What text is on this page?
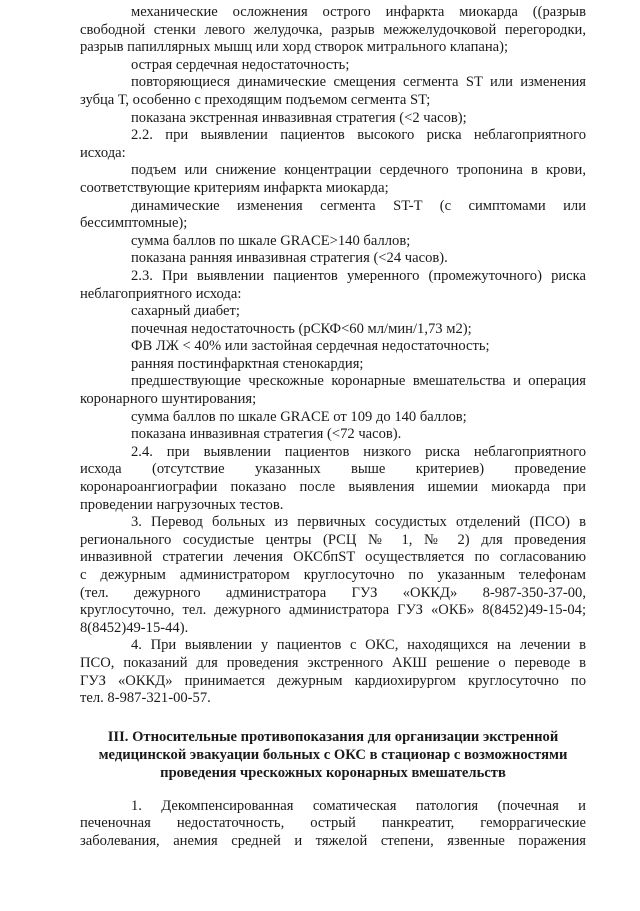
механические осложнения острого инфаркта миокарда ((разрыв
свободной стенки левого желудочка, разрыв межжелудочковой перегородки,
разрыв папиллярных мышц или хорд створок митрального клапана);
острая сердечная недостаточность;
повторяющиеся динамические смещения сегмента ST или изменения
зубца Т, особенно с преходящим подъемом сегмента ST;
показана экстренная инвазивная стратегия (<2 часов);
2.2. при выявлении пациентов высокого риска неблагоприятного
исхода:
подъем или снижение концентрации сердечного тропонина в крови,
соответствующие критериям инфаркта миокарда;
динамические изменения сегмента ST-T (с симптомами или
бессимптомные);
сумма баллов по шкале GRACE>140 баллов;
показана ранняя инвазивная стратегия (<24 часов).
2.3. При выявлении пациентов умеренного (промежуточного) риска
неблагоприятного исхода:
сахарный диабет;
почечная недостаточность (рСКФ<60 мл/мин/1,73 м2);
ФВ ЛЖ < 40% или застойная сердечная недостаточность;
ранняя постинфарктная стенокардия;
предшествующие чрескожные коронарные вмешательства и операция
коронарного шунтирования;
сумма баллов по шкале GRACE от 109 до 140 баллов;
показана инвазивная стратегия (<72 часов).
2.4. при выявлении пациентов низкого риска неблагоприятного
исхода (отсутствие указанных выше критериев) проведение
коронароангиографии показано после выявления ишемии миокарда при
проведении нагрузочных тестов.
3. Перевод больных из первичных сосудистых отделений (ПСО) в
регионального сосудистые центры (РСЦ № 1, № 2) для проведения
инвазивной стратегии лечения ОКСбпST осуществляется по согласованию
с дежурным администратором круглосуточно по указанным телефонам
(тел. дежурного администратора ГУЗ «ОККД» 8-987-350-37-00,
круглосуточно, тел. дежурного администратора ГУЗ «ОКБ» 8(8452)49-15-04;
8(8452)49-15-44).
4. При выявлении у пациентов с ОКС, находящихся на лечении в
ПСО, показаний для проведения экстренного АКШ решение о переводе в
ГУЗ «ОККД» принимается дежурным кардиохирургом круглосуточно по
тел. 8-987-321-00-57.
III. Относительные противопоказания для организации экстренной
медицинской эвакуации больных с ОКС в стационар с возможностями
проведения чрескожных коронарных вмешательств
1. Декомпенсированная соматическая патология (почечная и
печеночная недостаточность, острый панкреатит, геморрагические
заболевания, анемия средней и тяжелой степени, язвенные поражения
